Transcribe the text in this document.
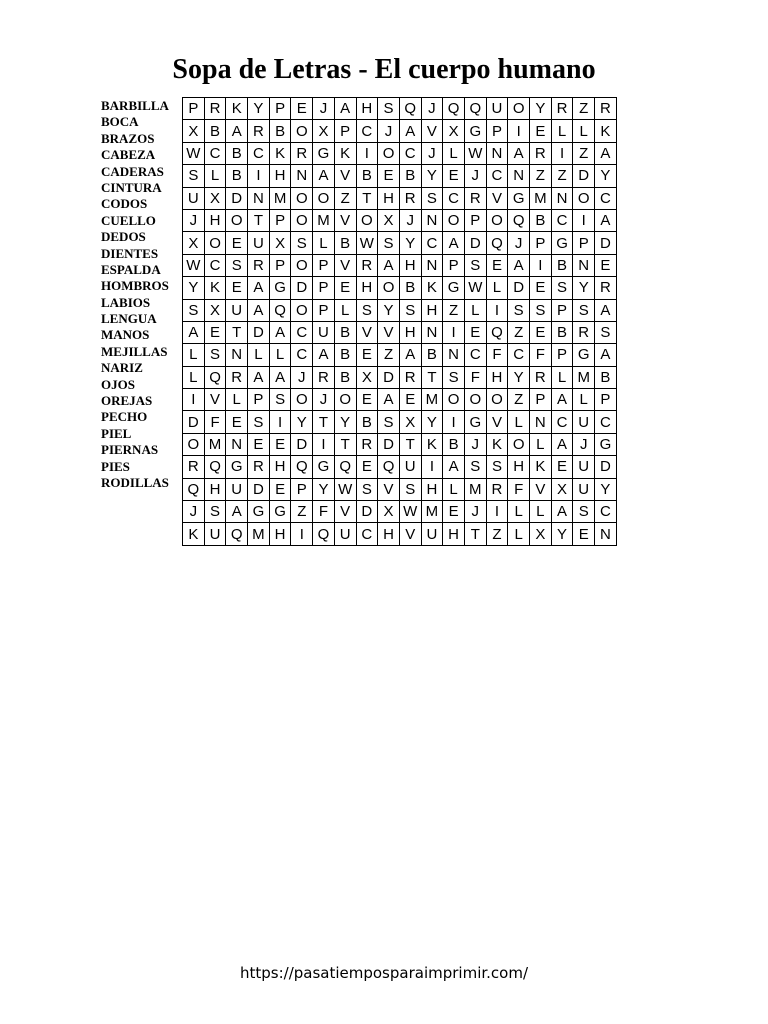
Sopa de Letras - El cuerpo humano
BARBILLA
BOCA
BRAZOS
CABEZA
CADERAS
CINTURA
CODOS
CUELLO
DEDOS
DIENTES
ESPALDA
HOMBROS
LABIOS
LENGUA
MANOS
MEJILLAS
NARIZ
OJOS
OREJAS
PECHO
PIEL
PIERNAS
PIES
RODILLAS
P	R	K	Y	P	E	J	A	H	S	Q	J	Q	Q	U	O	Y	R	Z	R
X	B	A	R	B	O	X	P	C	J	A	V	X	G	P	I	E	L	L	K
W	C	B	C	K	R	G	K	I	O	C	J	L	W	N	A	R	I	Z	A
S	L	B	I	H	N	A	V	B	E	B	Y	E	J	C	N	Z	Z	D	Y
U	X	D	N	M	O	O	Z	T	H	R	S	C	R	V	G	M	N	O	C
J	H	O	T	P	O	M	V	O	X	J	N	O	P	O	Q	B	C	I	A
X	O	E	U	X	S	L	B	W	S	Y	C	A	D	Q	J	P	G	P	D
W	C	S	R	P	O	P	V	R	A	H	N	P	S	E	A	I	B	N	E
Y	K	E	A	G	D	P	E	H	O	B	K	G	W	L	D	E	S	Y	R
S	X	U	A	Q	O	P	L	S	Y	S	H	Z	L	I	S	S	P	S	A
A	E	T	D	A	C	U	B	V	V	H	N	I	E	Q	Z	E	B	R	S
L	S	N	L	L	C	A	B	E	Z	A	B	N	C	F	C	F	P	G	A
L	Q	R	A	A	J	R	B	X	D	R	T	S	F	H	Y	R	L	M	B
I	V	L	P	S	O	J	O	E	A	E	M	O	O	O	Z	P	A	L	P
D	F	E	S	I	Y	T	Y	B	S	X	Y	I	G	V	L	N	C	U	C
O	M	N	E	E	D	I	T	R	D	T	K	B	J	K	O	L	A	J	G
R	Q	G	R	H	Q	G	Q	E	Q	U	I	A	S	S	H	K	E	U	D
Q	H	U	D	E	P	Y	W	S	V	S	H	L	M	R	F	V	X	U	Y
J	S	A	G	G	Z	F	V	D	X	W	M	E	J	I	L	L	A	S	C
K	U	Q	M	H	I	Q	U	C	H	V	U	H	T	Z	L	X	Y	E	N
https://pasatiemposparaimprimir.com/
